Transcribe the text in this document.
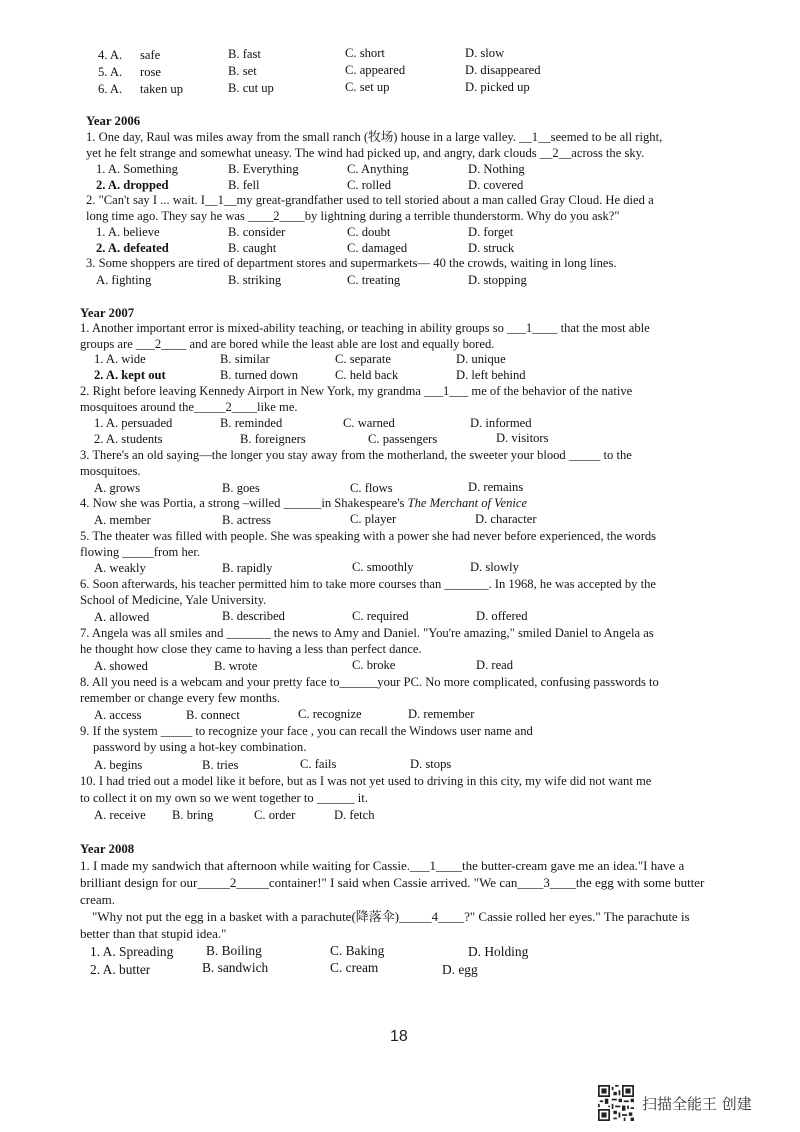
4. A. safe	B. fast	C. short	D. slow
5. A. rose	B. set	C. appeared	D. disappeared
6. A. taken up	B. cut up	C. set up	D. picked up
Year 2006
1. One day, Raul was miles away from the small ranch (牧场) house in a large valley. __1__seemed to be all right,
yet he felt strange and somewhat uneasy. The wind had picked up, and angry, dark clouds __2__across the sky.
1. A. Something	B. Everything	C. Anything	D. Nothing
2. A. dropped	B. fell	C. rolled	D. covered
2. "Can't say I ... wait. I__1__my great-grandfather used to tell storied about a man called Gray Cloud. He died a
long time ago. They say he was ____2____by lightning during a terrible thunderstorm. Why do you ask?"
1. A. believe	B. consider	C. doubt	D. forget
2. A. defeated	B. caught	C. damaged	D. struck
3. Some shoppers are tired of department stores and supermarkets— 40 the crowds, waiting in long lines.
A. fighting	B. striking	C. treating	D. stopping
Year 2007
1. Another important error is mixed-ability teaching, or teaching in ability groups so ___1____ that the most able
groups are ___2____ and are bored while the least able are lost and equally bored.
1. A. wide	B. similar	C. separate	D. unique
2. A. kept out	B. turned down	C. held back	D. left behind
2. Right before leaving Kennedy Airport in New York, my grandma ___1___ me of the behavior of the native
mosquitoes around the_____2____like me.
1. A. persuaded	B. reminded	C. warned	D. informed
2. A. students	B. foreigners	C. passengers	D. visitors
3. There's an old saying—the longer you stay away from the motherland, the sweeter your blood _____ to the
mosquitoes.
A. grows	B. goes	C. flows	D. remains
4. Now she was Portia, a strong –willed ______in Shakespeare's The Merchant of Venice
A. member	B. actress	C. player	D. character
5. The theater was filled with people. She was speaking with a power she had never before experienced, the words
flowing _____from her.
A. weakly	B. rapidly	C. smoothly	D. slowly
6. Soon afterwards, his teacher permitted him to take more courses than _______. In 1968, he was accepted by the
School of Medicine, Yale University.
A. allowed	B. described	C. required	D. offered
7. Angela was all smiles and _______ the news to Amy and Daniel. "You're amazing," smiled Daniel to Angela as
he thought how close they came to having a less than perfect dance.
A. showed	B. wrote	C. broke	D. read
8. All you need is a webcam and your pretty face to______your PC. No more complicated, confusing passwords to
remember or change every few months.
A. access	B. connect	C. recognize	D. remember
9. If the system _____ to recognize your face , you can recall the Windows user name and
password by using a hot-key combination.
A. begins	B. tries	C. fails	D. stops
10. I had tried out a model like it before, but as I was not yet used to driving in this city, my wife did not want me
to collect it on my own so we went together to ______ it.
A. receive B. bring	C. order	D. fetch
Year 2008
1. I made my sandwich that afternoon while waiting for Cassie.___1____the butter-cream gave me an idea."I have a
brilliant design for our_____2_____container!" I said when Cassie arrived. "We can____3____the egg with some butter
cream.
"Why not put the egg in a basket with a parachute(降落伞)_____4____?" Cassie rolled her eyes." The parachute is
better than that stupid idea."
1. A. Spreading B. Boiling	C. Baking	D. Holding
2. A. butter	B. sandwich	C. cream	D. egg
18
扫描全能王 创建
